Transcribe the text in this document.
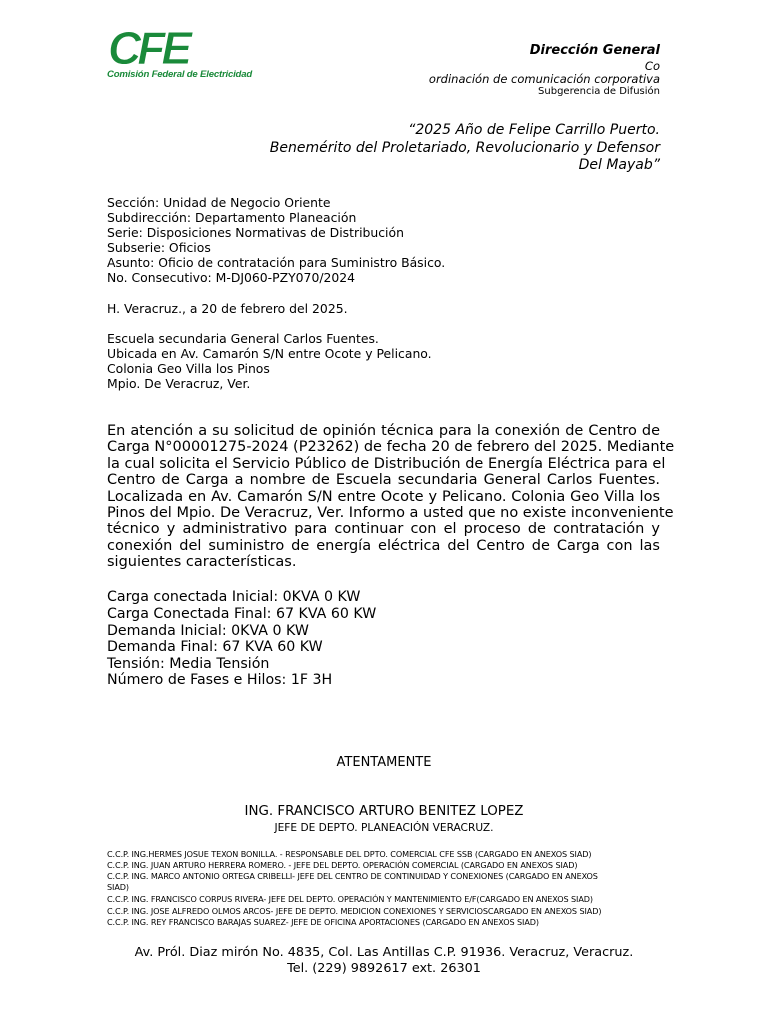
CFE
Comisión Federal de Electricidad
Dirección General
Co
ordinación de comunicación corporativa
Subgerencia de Difusión
“2025 Año de Felipe Carrillo Puerto.
Benemérito del Proletariado, Revolucionario y Defensor
Del Mayab”
Sección: Unidad de Negocio Oriente
Subdirección: Departamento Planeación
Serie: Disposiciones Normativas de Distribución
Subserie: Oficios
Asunto: Oficio de contratación para Suministro Básico.
No. Consecutivo: M-DJ060-PZY070/2024
H. Veracruz., a 20 de febrero del 2025.
Escuela secundaria General Carlos Fuentes.
Ubicada en Av. Camarón S/N entre Ocote y Pelicano.
Colonia Geo Villa los Pinos
Mpio. De Veracruz, Ver.
En atención a su solicitud de opinión técnica para la conexión de Centro de
Carga N°00001275-2024 (P23262) de fecha 20 de febrero del 2025. Mediante
la cual solicita el Servicio Público de Distribución de Energía Eléctrica para el
Centro de Carga a nombre de Escuela secundaria General Carlos Fuentes.
Localizada en Av. Camarón S/N entre Ocote y Pelicano. Colonia Geo Villa los
Pinos del Mpio. De Veracruz, Ver. Informo a usted que no existe inconveniente
técnico y administrativo para continuar con el proceso de contratación y
conexión del suministro de energía eléctrica del Centro de Carga con las
siguientes características.
Carga conectada Inicial: 0KVA 0 KW
Carga Conectada Final: 67 KVA 60 KW
Demanda Inicial: 0KVA 0 KW
Demanda Final: 67 KVA 60 KW
Tensión: Media Tensión
Número de Fases e Hilos: 1F 3H
ATENTAMENTE
ING. FRANCISCO ARTURO BENITEZ LOPEZ
JEFE DE DEPTO. PLANEACIÓN VERACRUZ.
C.C.P. ING.HERMES JOSUE TEXON BONILLA. - RESPONSABLE DEL DPTO. COMERCIAL CFE SSB (CARGADO EN ANEXOS SIAD)
C.C.P. ING. JUAN ARTURO HERRERA ROMERO. - JEFE DEL DEPTO. OPERACIÓN COMERCIAL (CARGADO EN ANEXOS SIAD)
C.C.P. ING. MARCO ANTONIO ORTEGA CRIBELLI- JEFE DEL CENTRO DE CONTINUIDAD Y CONEXIONES (CARGADO EN ANEXOS
SIAD)
C.C.P. ING. FRANCISCO CORPUS RIVERA- JEFE DEL DEPTO. OPERACIÓN Y MANTENIMIENTO E/F(CARGADO EN ANEXOS SIAD)
C.C.P. ING. JOSE ALFREDO OLMOS ARCOS- JEFE DE DEPTO. MEDICION CONEXIONES Y SERVICIOSCARGADO EN ANEXOS SIAD)
C.C.P. ING. REY FRANCISCO BARAJAS SUAREZ- JEFE DE OFICINA APORTACIONES (CARGADO EN ANEXOS SIAD)
Av. Pról. Diaz mirón No. 4835, Col. Las Antillas C.P. 91936. Veracruz, Veracruz.
Tel. (229) 9892617 ext. 26301
